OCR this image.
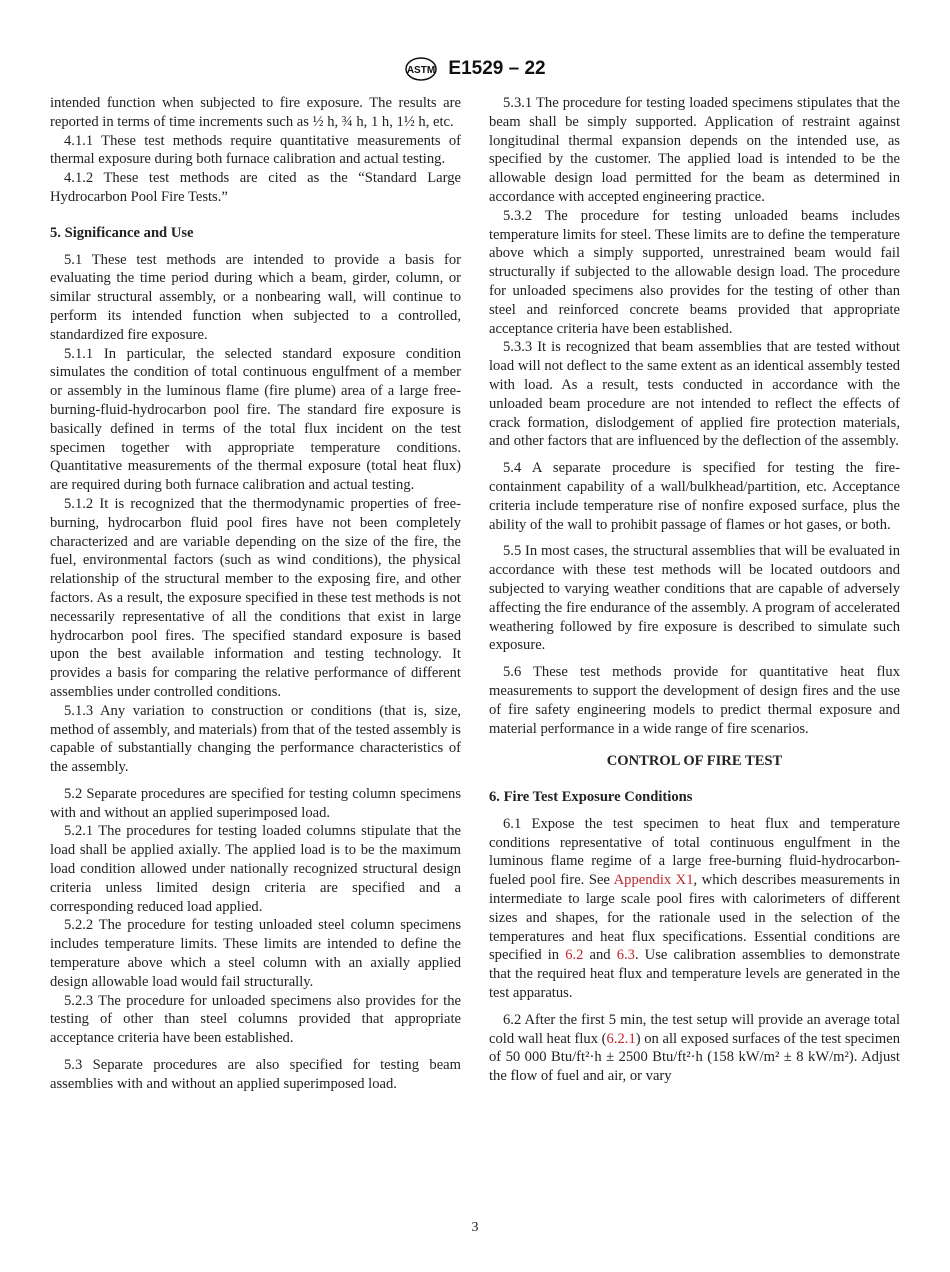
ASTM E1529 – 22

intended function when subjected to fire exposure. The results are reported in terms of time increments such as ½ h, ¾ h, 1 h, 1½ h, etc.

4.1.1 These test methods require quantitative measurements of thermal exposure during both furnace calibration and actual testing.

4.1.2 These test methods are cited as the “Standard Large Hydrocarbon Pool Fire Tests.”

5. Significance and Use

5.1 These test methods are intended to provide a basis for evaluating the time period during which a beam, girder, column, or similar structural assembly, or a nonbearing wall, will continue to perform its intended function when subjected to a controlled, standardized fire exposure.

5.1.1 In particular, the selected standard exposure condition simulates the condition of total continuous engulfment of a member or assembly in the luminous flame (fire plume) area of a large free-burning-fluid-hydrocarbon pool fire. The standard fire exposure is basically defined in terms of the total flux incident on the test specimen together with appropriate temperature conditions. Quantitative measurements of the thermal exposure (total heat flux) are required during both furnace calibration and actual testing.

5.1.2 It is recognized that the thermodynamic properties of free-burning, hydrocarbon fluid pool fires have not been completely characterized and are variable depending on the size of the fire, the fuel, environmental factors (such as wind conditions), the physical relationship of the structural member to the exposing fire, and other factors. As a result, the exposure specified in these test methods is not necessarily representative of all the conditions that exist in large hydrocarbon pool fires. The specified standard exposure is based upon the best available information and testing technology. It provides a basis for comparing the relative performance of different assemblies under controlled conditions.

5.1.3 Any variation to construction or conditions (that is, size, method of assembly, and materials) from that of the tested assembly is capable of substantially changing the performance characteristics of the assembly.

5.2 Separate procedures are specified for testing column specimens with and without an applied superimposed load.

5.2.1 The procedures for testing loaded columns stipulate that the load shall be applied axially. The applied load is to be the maximum load condition allowed under nationally recognized structural design criteria unless limited design criteria are specified and a corresponding reduced load applied.

5.2.2 The procedure for testing unloaded steel column specimens includes temperature limits. These limits are intended to define the temperature above which a steel column with an axially applied design allowable load would fail structurally.

5.2.3 The procedure for unloaded specimens also provides for the testing of other than steel columns provided that appropriate acceptance criteria have been established.

5.3 Separate procedures are also specified for testing beam assemblies with and without an applied superimposed load.

5.3.1 The procedure for testing loaded specimens stipulates that the beam shall be simply supported. Application of restraint against longitudinal thermal expansion depends on the intended use, as specified by the customer. The applied load is intended to be the allowable design load permitted for the beam as determined in accordance with accepted engineering practice.

5.3.2 The procedure for testing unloaded beams includes temperature limits for steel. These limits are to define the temperature above which a simply supported, unrestrained beam would fail structurally if subjected to the allowable design load. The procedure for unloaded specimens also provides for the testing of other than steel and reinforced concrete beams provided that appropriate acceptance criteria have been established.

5.3.3 It is recognized that beam assemblies that are tested without load will not deflect to the same extent as an identical assembly tested with load. As a result, tests conducted in accordance with the unloaded beam procedure are not intended to reflect the effects of crack formation, dislodgement of applied fire protection materials, and other factors that are influenced by the deflection of the assembly.

5.4 A separate procedure is specified for testing the fire-containment capability of a wall/bulkhead/partition, etc. Acceptance criteria include temperature rise of nonfire exposed surface, plus the ability of the wall to prohibit passage of flames or hot gases, or both.

5.5 In most cases, the structural assemblies that will be evaluated in accordance with these test methods will be located outdoors and subjected to varying weather conditions that are capable of adversely affecting the fire endurance of the assembly. A program of accelerated weathering followed by fire exposure is described to simulate such exposure.

5.6 These test methods provide for quantitative heat flux measurements to support the development of design fires and the use of fire safety engineering models to predict thermal exposure and material performance in a wide range of fire scenarios.

CONTROL OF FIRE TEST
6. Fire Test Exposure Conditions

6.1 Expose the test specimen to heat flux and temperature conditions representative of total continuous engulfment in the luminous flame regime of a large free-burning fluid-hydrocarbon-fueled pool fire. See Appendix X1, which describes measurements in intermediate to large scale pool fires with calorimeters of different sizes and shapes, for the rationale used in the selection of the temperatures and heat flux specifications. Essential conditions are specified in 6.2 and 6.3. Use calibration assemblies to demonstrate that the required heat flux and temperature levels are generated in the test apparatus.

6.2 After the first 5 min, the test setup will provide an average total cold wall heat flux (6.2.1) on all exposed surfaces of the test specimen of 50 000 Btu/ft²·h ± 2500 Btu/ft²·h (158 kW/m² ± 8 kW/m²). Adjust the flow of fuel and air, or vary

3
